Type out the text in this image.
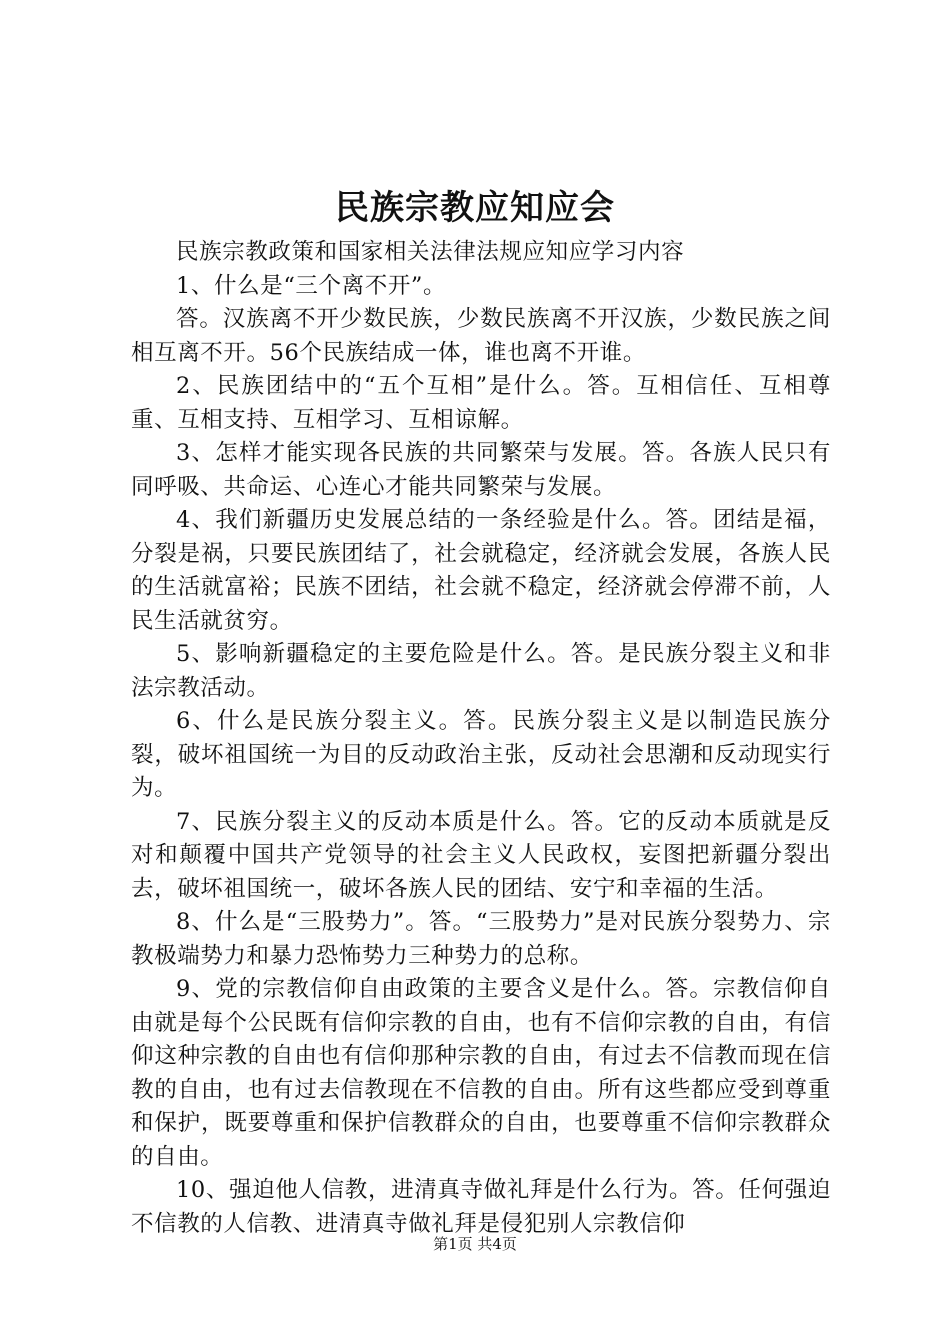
民族宗教应知应会

民族宗教政策和国家相关法律法规应知应学习内容

1、什么是“三个离不开”。

答。汉族离不开少数民族，少数民族离不开汉族，少数民族之间相互离不开。56个民族结成一体，谁也离不开谁。

2、民族团结中的“五个互相”是什么。答。互相信任、互相尊重、互相支持、互相学习、互相谅解。

3、怎样才能实现各民族的共同繁荣与发展。答。各族人民只有同呼吸、共命运、心连心才能共同繁荣与发展。

4、我们新疆历史发展总结的一条经验是什么。答。团结是福，分裂是祸，只要民族团结了，社会就稳定，经济就会发展，各族人民的生活就富裕；民族不团结，社会就不稳定，经济就会停滞不前，人民生活就贫穷。

5、影响新疆稳定的主要危险是什么。答。是民族分裂主义和非法宗教活动。

6、什么是民族分裂主义。答。民族分裂主义是以制造民族分裂，破坏祖国统一为目的反动政治主张，反动社会思潮和反动现实行为。

7、民族分裂主义的反动本质是什么。答。它的反动本质就是反对和颠覆中国共产党领导的社会主义人民政权，妄图把新疆分裂出去，破坏祖国统一，破坏各族人民的团结、安宁和幸福的生活。

8、什么是“三股势力”。答。“三股势力”是对民族分裂势力、宗教极端势力和暴力恐怖势力三种势力的总称。

9、党的宗教信仰自由政策的主要含义是什么。答。宗教信仰自由就是每个公民既有信仰宗教的自由，也有不信仰宗教的自由，有信仰这种宗教的自由也有信仰那种宗教的自由，有过去不信教而现在信教的自由，也有过去信教现在不信教的自由。所有这些都应受到尊重和保护，既要尊重和保护信教群众的自由，也要尊重不信仰宗教群众的自由。

10、强迫他人信教，进清真寺做礼拜是什么行为。答。任何强迫不信教的人信教、进清真寺做礼拜是侵犯别人宗教信仰

第1页 共4页
